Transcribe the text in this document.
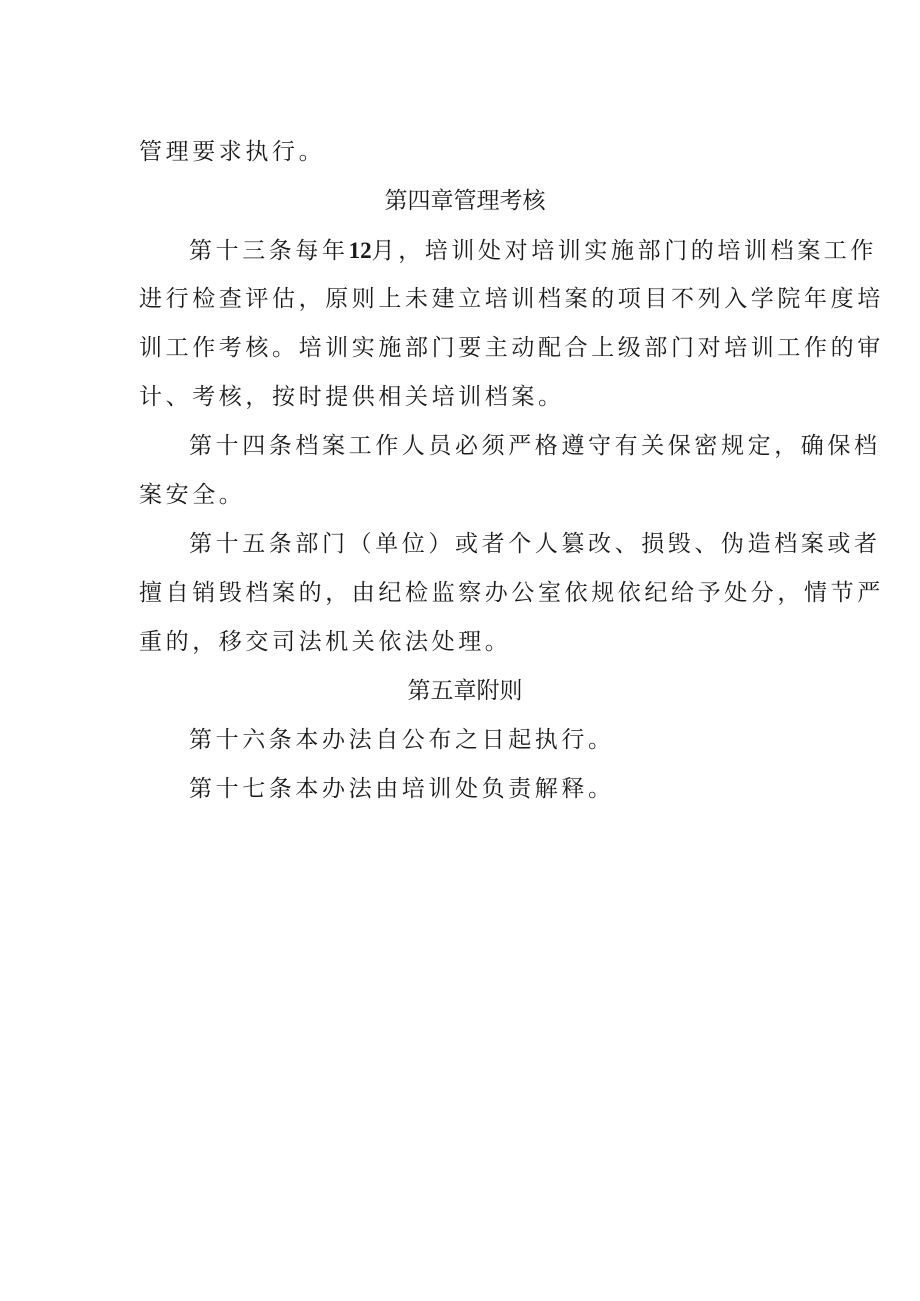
管理要求执行。
第四章管理考核
第十三条每年12月，培训处对培训实施部门的培训档案工作
进行检查评估，原则上未建立培训档案的项目不列入学院年度培
训工作考核。培训实施部门要主动配合上级部门对培训工作的审
计、考核，按时提供相关培训档案。
第十四条档案工作人员必须严格遵守有关保密规定，确保档
案安全。
第十五条部门（单位）或者个人篡改、损毁、伪造档案或者
擅自销毁档案的，由纪检监察办公室依规依纪给予处分，情节严
重的，移交司法机关依法处理。
第五章附则
第十六条本办法自公布之日起执行。
第十七条本办法由培训处负责解释。
